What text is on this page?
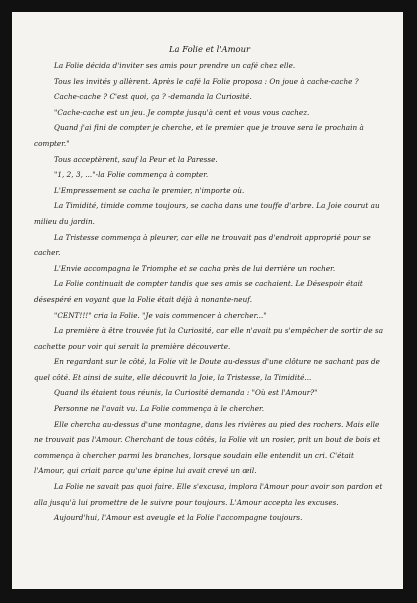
La Folie et l'Amour

La Folie décida d'inviter ses amis pour prendre un café chez elle.

Tous les invités y allèrent. Après le café la Folie proposa : On joue à cache-cache ?

Cache-cache ? C'est quoi, ça ? -demanda la Curiosité.

"Cache-cache est un jeu. Je compte jusqu'à cent et vous vous cachez.

Quand j'ai fini de compter je cherche, et le premier que je trouve sera le prochain à compter."

Tous acceptèrent, sauf la Peur et la Paresse.

"1, 2, 3, ..."-la Folie commença à compter.

L'Empressement se cacha le premier, n'importe où.

La Timidité, timide comme toujours, se cacha dans une touffe d'arbre. La Joie courut au milieu du jardin.

La Tristesse commença à pleurer, car elle ne trouvait pas d'endroit approprié pour se cacher.

L'Envie accompagna le Triomphe et se cacha près de lui derrière un rocher.

La Folie continuait de compter tandis que ses amis se cachaient. Le Désespoir était désespéré en voyant que la Folie était déjà à nonante-neuf.

"CENT!!!" cria la Folie. "Je vais commencer à chercher..."

La première à être trouvée fut la Curiosité, car elle n'avait pu s'empêcher de sortir de sa cachette pour voir qui serait la première découverte.

En regardant sur le côté, la Folie vit le Doute au-dessus d'une clôture ne sachant pas de quel côté. Et ainsi de suite, elle découvrit la Joie, la Tristesse, la Timidité...

Quand ils étaient tous réunis, la Curiosité demanda : "Où est l'Amour?"

Personne ne l'avait vu. La Folie commença à le chercher.

Elle chercha au-dessus d'une montagne, dans les rivières au pied des rochers. Mais elle ne trouvait pas l'Amour. Cherchant de tous côtés, la Folie vit un rosier, prit un bout de bois et commença à chercher parmi les branches, lorsque soudain elle entendit un cri. C'était l'Amour, qui criait parce qu'une épine lui avait crevé un œil.

La Folie ne savait pas quoi faire. Elle s'excusa, implora l'Amour pour avoir son pardon et alla jusqu'à lui promettre de le suivre pour toujours. L'Amour accepta les excuses.

Aujourd'hui, l'Amour est aveugle et la Folie l'accompagne toujours.
